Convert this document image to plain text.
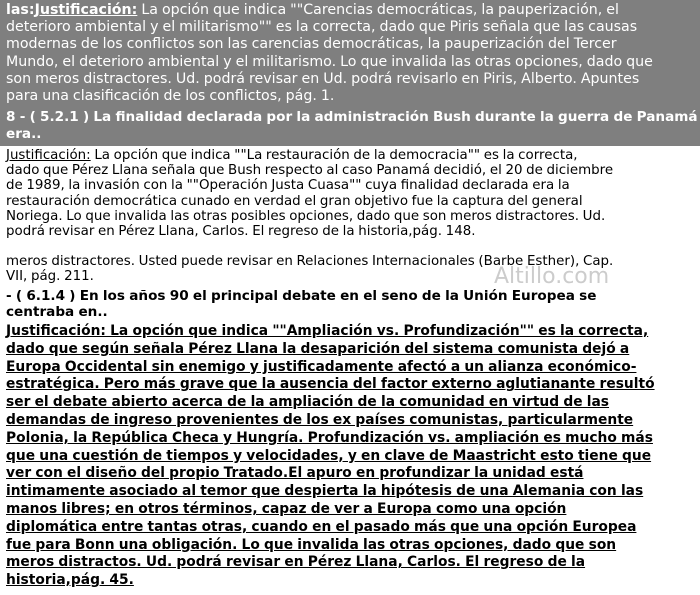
las:Justificación: La opción que indica ""Carencias democráticas, la pauperización, el
deterioro ambiental y el militarismo"" es la correcta, dado que Piris señala que las causas
modernas de los conflictos son las carencias democráticas, la pauperización del Tercer
Mundo, el deterioro ambiental y el militarismo. Lo que invalida las otras opciones, dado que
son meros distractores. Ud. podrá revisar en Ud. podrá revisarlo en Piris, Alberto. Apuntes
para una clasificación de los conflictos, pág. 1.
8 - ( 5.2.1 ) La finalidad declarada por la administración Bush durante la guerra de Panamá
era..
Justificación: La opción que indica ""La restauración de la democracia"" es la correcta,
dado que Pérez Llana señala que Bush respecto al caso Panamá decidió, el 20 de diciembre
de 1989, la invasión con la ""Operación Justa Cuasa"" cuya finalidad declarada era la
restauración democrática cunado en verdad el gran objetivo fue la captura del general
Noriega. Lo que invalida las otras posibles opciones, dado que son meros distractores. Ud.
podrá revisar en Pérez Llana, Carlos. El regreso de la historia,pág. 148.
meros distractores. Usted puede revisar en Relaciones Internacionales (Barbe Esther), Cap.
VII, pág. 211.	Altillo.com
- ( 6.1.4 ) En los años 90 el principal debate en el seno de la Unión Europea se
centraba en..
Justificación: La opción que indica ""Ampliación vs. Profundización"" es la correcta,
dado que según señala Pérez Llana la desaparición del sistema comunista dejó a
Europa Occidental sin enemigo y justificadamente afectó a un alianza económico-
estratégica. Pero más grave que la ausencia del factor externo aglutianante resultó
ser el debate abierto acerca de la ampliación de la comunidad en virtud de las
demandas de ingreso provenientes de los ex países comunistas, particularmente
Polonia, la República Checa y Hungría. Profundización vs. ampliación es mucho más
que una cuestión de tiempos y velocidades, y en clave de Maastricht esto tiene que
ver con el diseño del propio Tratado.El apuro en profundizar la unidad está
intimamente asociado al temor que despierta la hipótesis de una Alemania con las
manos libres; en otros términos, capaz de ver a Europa como una opción
diplomática entre tantas otras, cuando en el pasado más que una opción Europea
fue para Bonn una obligación. Lo que invalida las otras opciones, dado que son
meros distractos. Ud. podrá revisar en Pérez Llana, Carlos. El regreso de la
historia,pág. 45.
